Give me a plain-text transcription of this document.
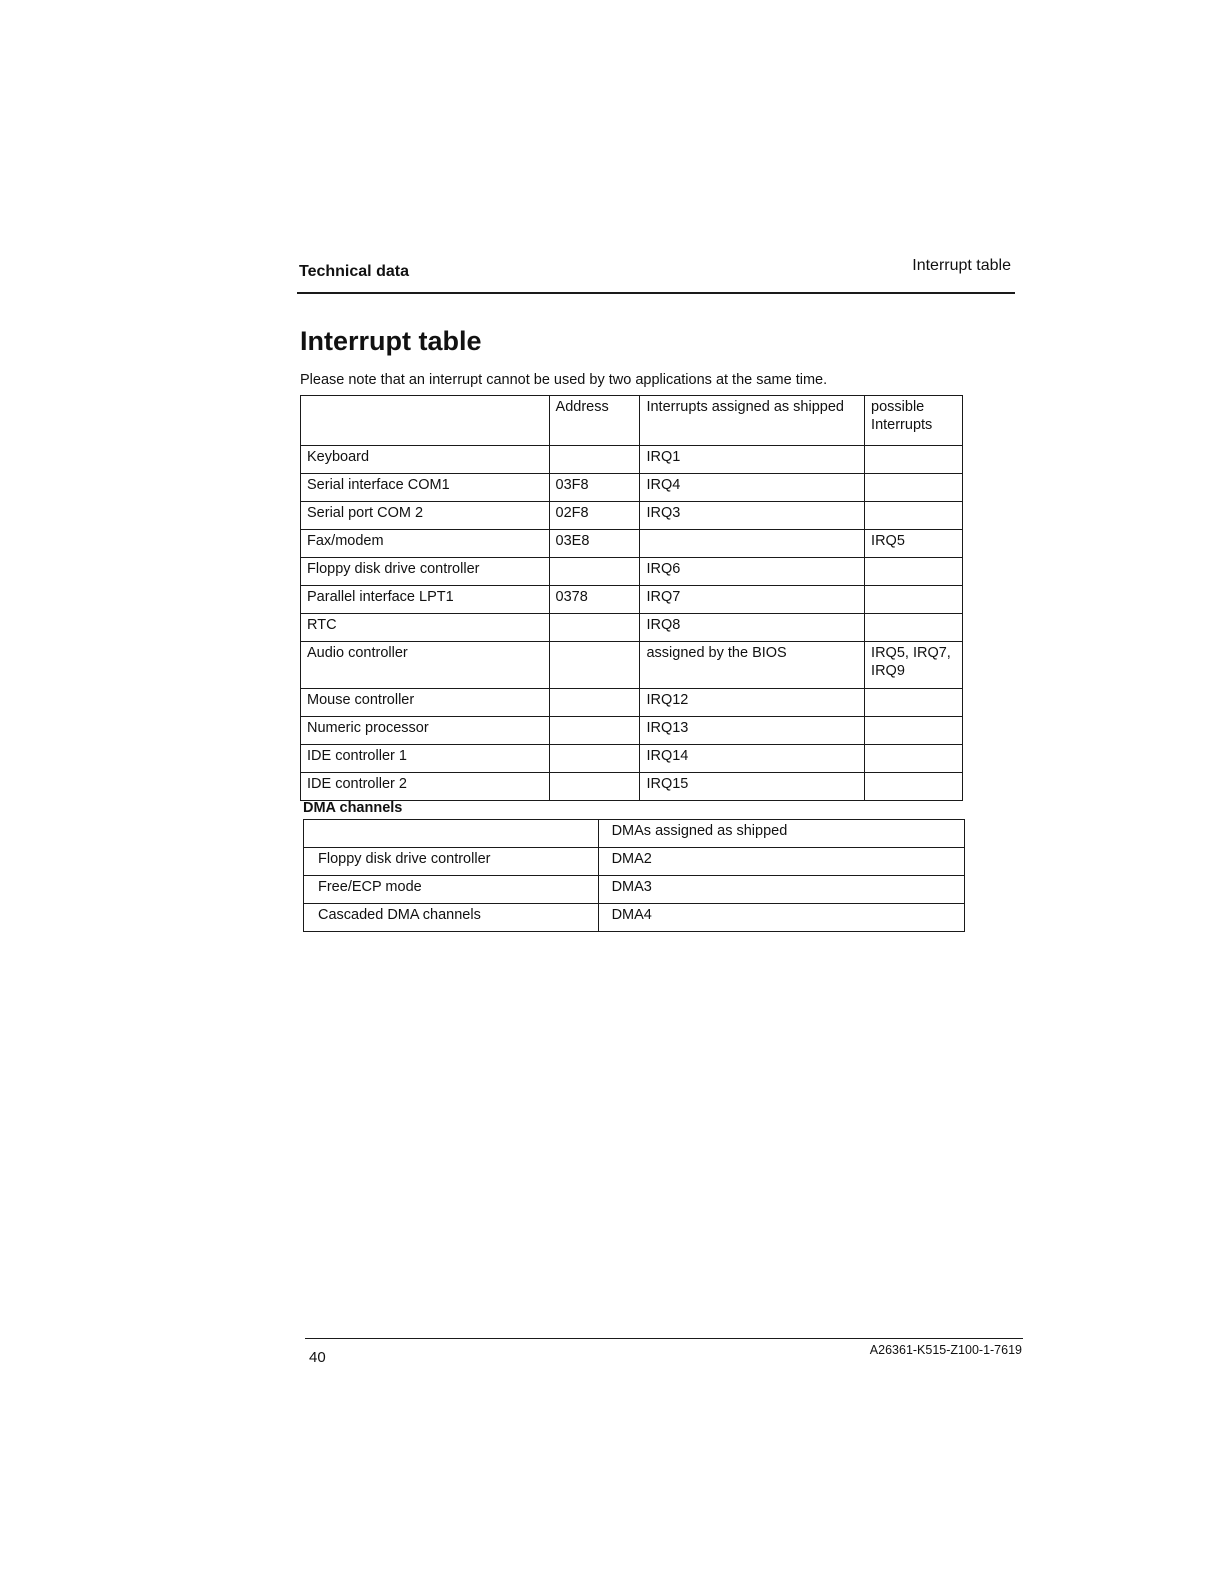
Technical data	Interrupt table
Interrupt table
Please note that an interrupt cannot be used by two applications at the same time.
	Address	Interrupts assigned as shipped	possible Interrupts
Keyboard		IRQ1	
Serial interface COM1	03F8	IRQ4	
Serial port COM 2	02F8	IRQ3	
Fax/modem	03E8		IRQ5
Floppy disk drive controller		IRQ6	
Parallel interface LPT1	0378	IRQ7	
RTC		IRQ8	
Audio controller		assigned by the BIOS	IRQ5, IRQ7, IRQ9
Mouse controller		IRQ12	
Numeric processor		IRQ13	
IDE controller 1		IRQ14	
IDE controller 2		IRQ15	
DMA channels
	DMAs assigned as shipped
Floppy disk drive controller	DMA2
Free/ECP mode	DMA3
Cascaded DMA channels	DMA4
40	A26361-K515-Z100-1-7619
